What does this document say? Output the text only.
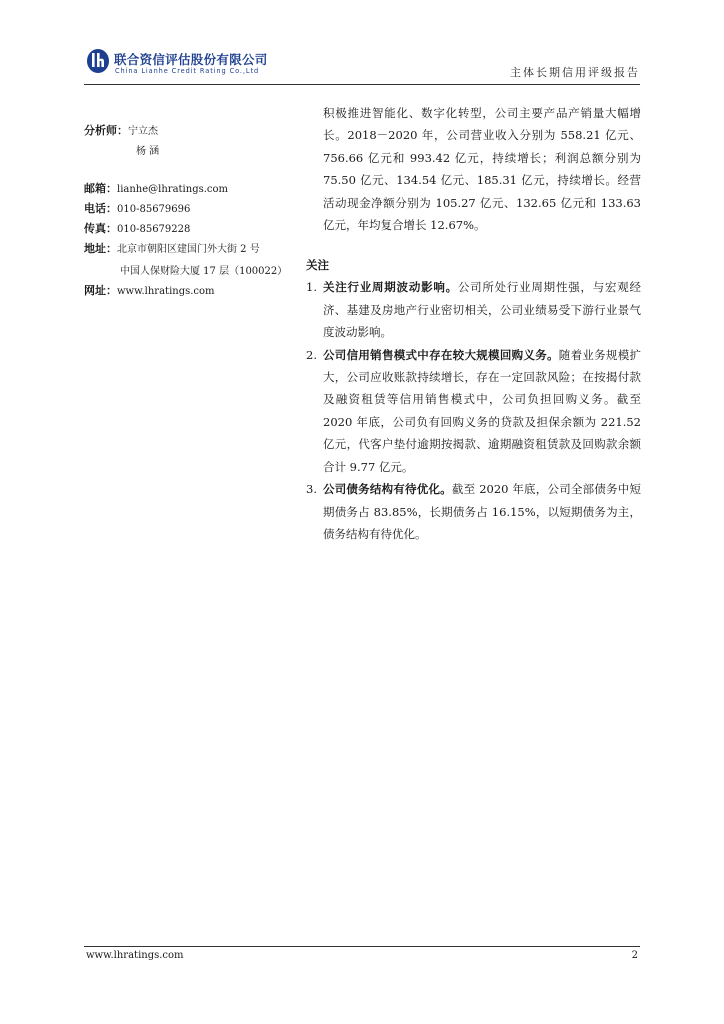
联合资信评估股份有限公司
China Lianhe Credit Rating Co.,Ltd	主体长期信用评级报告
分析师：宁立杰
杨 涵
邮箱：lianhe@lhratings.com
电话：010-85679696
传真：010-85679228
地址：北京市朝阳区建国门外大街 2 号
中国人保财险大厦 17 层（100022）
网址：www.lhratings.com

积极推进智能化、数字化转型，公司主要产品产销量大幅增长。2018－2020 年，公司营业收入分别为 558.21 亿元、756.66 亿元和 993.42 亿元，持续增长；利润总额分别为 75.50 亿元、134.54 亿元、185.31 亿元，持续增长。经营活动现金净额分别为 105.27 亿元、132.65 亿元和 133.63 亿元，年均复合增长 12.67%。

关注
1. 关注行业周期波动影响。公司所处行业周期性强，与宏观经济、基建及房地产行业密切相关，公司业绩易受下游行业景气度波动影响。
2. 公司信用销售模式中存在较大规模回购义务。随着业务规模扩大，公司应收账款持续增长，存在一定回款风险；在按揭付款及融资租赁等信用销售模式中，公司负担回购义务。截至 2020 年底，公司负有回购义务的贷款及担保余额为 221.52 亿元，代客户垫付逾期按揭款、逾期融资租赁款及回购款余额合计 9.77 亿元。
3. 公司债务结构有待优化。截至 2020 年底，公司全部债务中短期债务占 83.85%，长期债务占 16.15%，以短期债务为主，债务结构有待优化。
www.lhratings.com	2
